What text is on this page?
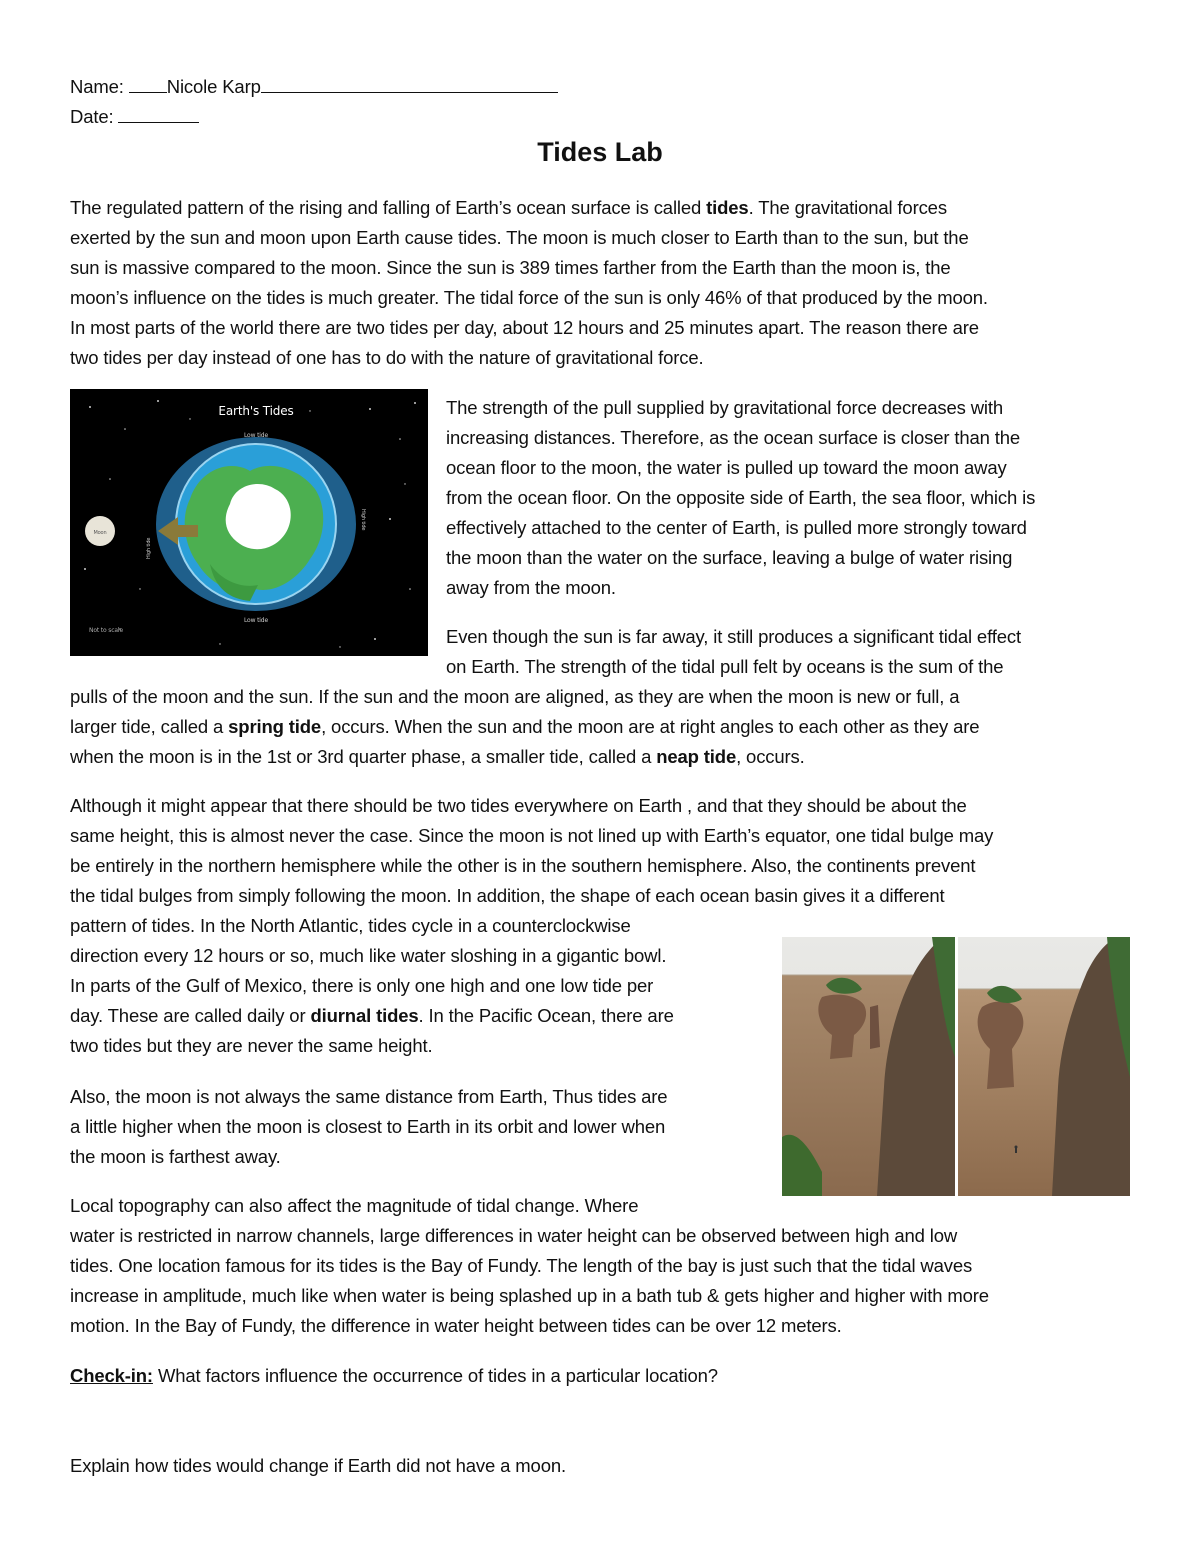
Name: Nicole Karp
Date:
Tides Lab
The regulated pattern of the rising and falling of Earth’s ocean surface is called tides. The gravitational forces
exerted by the sun and moon upon Earth cause tides. The moon is much closer to Earth than to the sun, but the
sun is massive compared to the moon. Since the sun is 389 times farther from the Earth than the moon is, the
moon’s influence on the tides is much greater. The tidal force of the sun is only 46% of that produced by the moon.
In most parts of the world there are two tides per day, about 12 hours and 25 minutes apart. The reason there are
two tides per day instead of one has to do with the nature of gravitational force.
Moon
Earth's Tides
Low tide
Low tide
High tide
High tide
Not to scale
The strength of the pull supplied by gravitational force decreases with
increasing distances. Therefore, as the ocean surface is closer than the
ocean floor to the moon, the water is pulled up toward the moon away
from the ocean floor. On the opposite side of Earth, the sea floor, which is
effectively attached to the center of Earth, is pulled more strongly toward
the moon than the water on the surface, leaving a bulge of water rising
away from the moon.
Even though the sun is far away, it still produces a significant tidal effect
on Earth. The strength of the tidal pull felt by oceans is the sum of the
pulls of the moon and the sun. If the sun and the moon are aligned, as they are when the moon is new or full, a
larger tide, called a spring tide, occurs. When the sun and the moon are at right angles to each other as they are
when the moon is in the 1st or 3rd quarter phase, a smaller tide, called a neap tide, occurs.
Although it might appear that there should be two tides everywhere on Earth , and that they should be about the
same height, this is almost never the case. Since the moon is not lined up with Earth’s equator, one tidal bulge may
be entirely in the northern hemisphere while the other is in the southern hemisphere. Also, the continents prevent
the tidal bulges from simply following the moon. In addition, the shape of each ocean basin gives it a different
pattern of tides. In the North Atlantic, tides cycle in a counterclockwise
direction every 12 hours or so, much like water sloshing in a gigantic bowl.
In parts of the Gulf of Mexico, there is only one high and one low tide per
day. These are called daily or diurnal tides. In the Pacific Ocean, there are
two tides but they are never the same height.
Also, the moon is not always the same distance from Earth, Thus tides are
a little higher when the moon is closest to Earth in its orbit and lower when
the moon is farthest away.
Local topography can also affect the magnitude of tidal change. Where
water is restricted in narrow channels, large differences in water height can be observed between high and low
tides. One location famous for its tides is the Bay of Fundy. The length of the bay is just such that the tidal waves
increase in amplitude, much like when water is being splashed up in a bath tub & gets higher and higher with more
motion. In the Bay of Fundy, the difference in water height between tides can be over 12 meters.
Check-in: What factors influence the occurrence of tides in a particular location?
Explain how tides would change if Earth did not have a moon.
